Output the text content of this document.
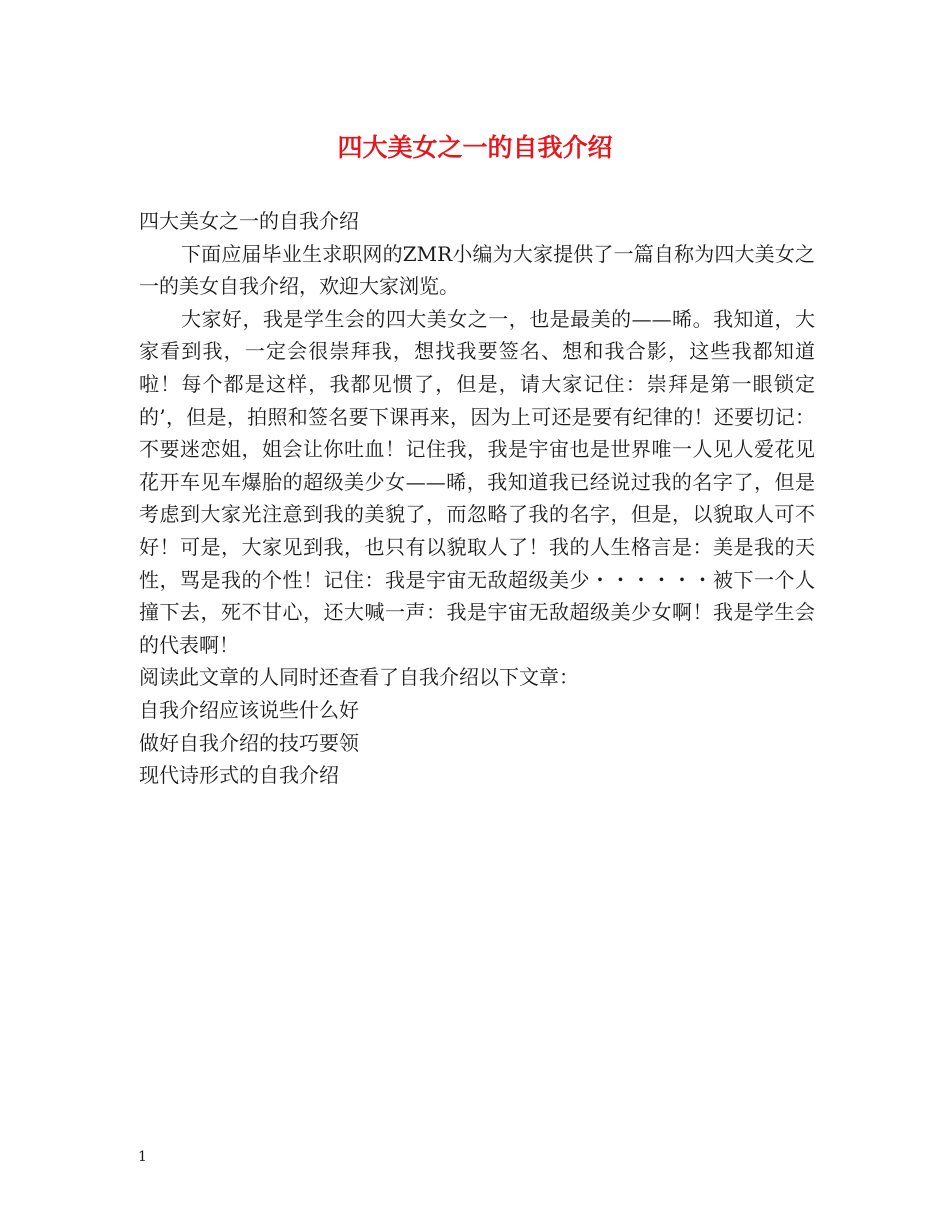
四大美女之一的自我介绍

四大美女之一的自我介绍

下面应届毕业生求职网的ZMR小编为大家提供了一篇自称为四大美女之一的美女自我介绍，欢迎大家浏览。

大家好，我是学生会的四大美女之一，也是最美的——晞。我知道，大家看到我，一定会很崇拜我，想找我要签名、想和我合影，这些我都知道啦！每个都是这样，我都见惯了，但是，请大家记住：崇拜是第一眼锁定的’，但是，拍照和签名要下课再来，因为上可还是要有纪律的！还要切记：不要迷恋姐，姐会让你吐血！记住我，我是宇宙也是世界唯一人见人爱花见花开车见车爆胎的超级美少女——晞，我知道我已经说过我的名字了，但是考虑到大家光注意到我的美貌了，而忽略了我的名字，但是，以貌取人可不好！可是，大家见到我，也只有以貌取人了！我的人生格言是：美是我的天性，骂是我的个性！记住：我是宇宙无敌超级美少・・・・・・被下一个人撞下去，死不甘心，还大喊一声：我是宇宙无敌超级美少女啊！我是学生会的代表啊！

阅读此文章的人同时还查看了自我介绍以下文章：

自我介绍应该说些什么好

做好自我介绍的技巧要领

现代诗形式的自我介绍

1
